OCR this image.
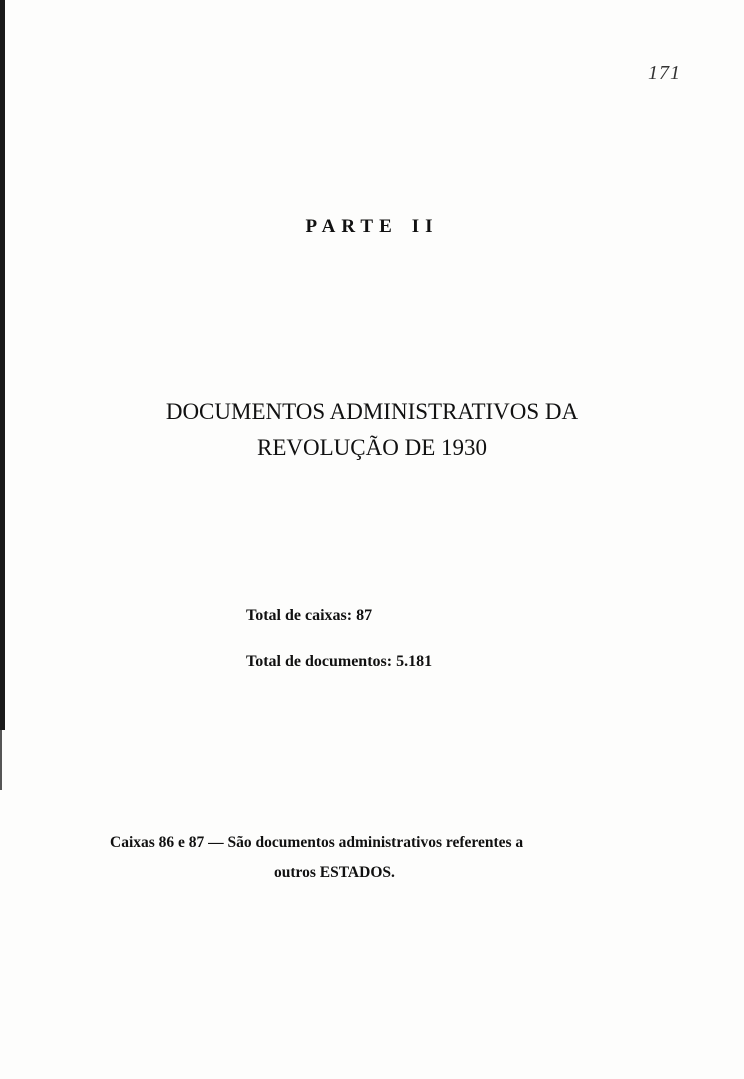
171
PARTE II
DOCUMENTOS ADMINISTRATIVOS DA
REVOLUÇÃO DE 1930
Total de caixas: 87
Total de documentos: 5.181
Caixas 86 e 87 — São documentos administrativos referentes a
outros ESTADOS.
